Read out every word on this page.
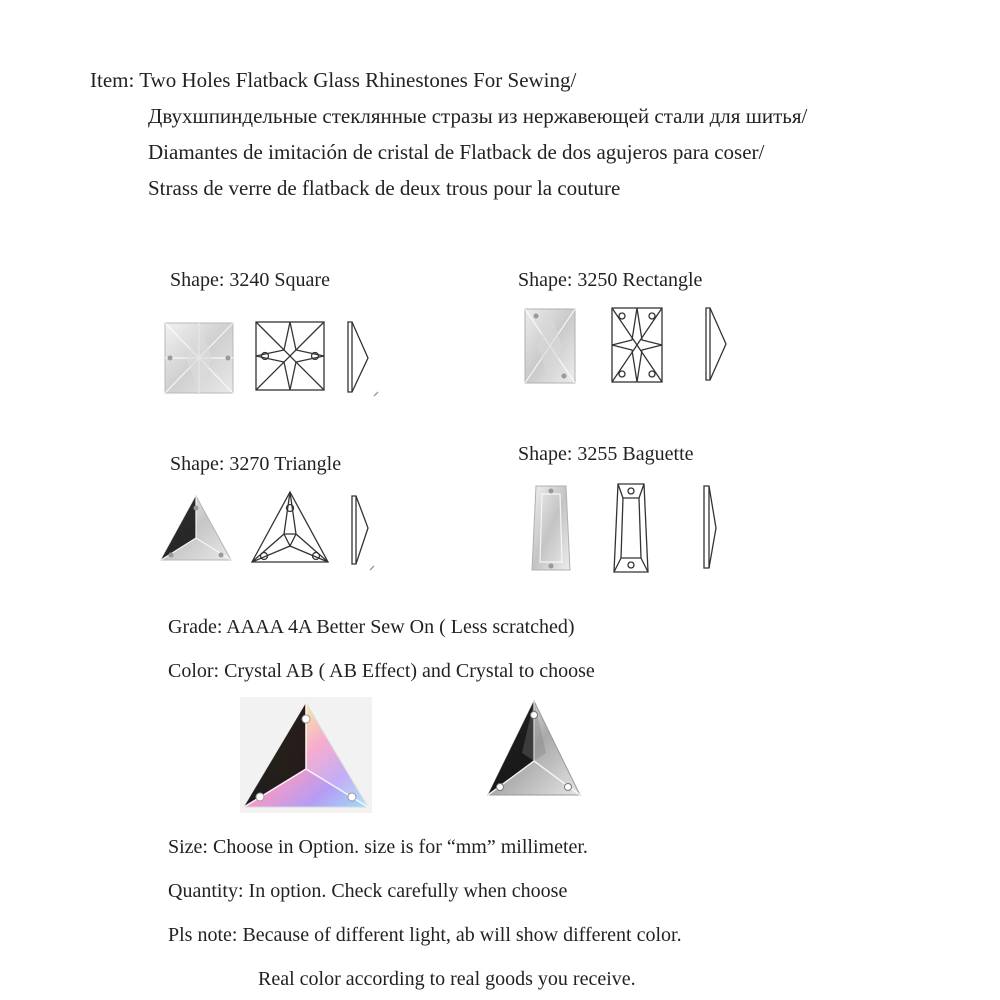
Item: Two Holes Flatback Glass Rhinestones For Sewing/
Двухшпиндельные стеклянные стразы из нержавеющей стали для шитья/
Diamantes de imitación de cristal de Flatback de dos agujeros para coser/
Strass de verre de flatback de deux trous pour la couture
Shape: 3240 Square	Shape: 3250 Rectangle
Shape: 3270 Triangle	Shape: 3255 Baguette
Grade: AAAA 4A Better Sew On ( Less scratched)
Color: Crystal AB ( AB Effect) and Crystal to choose
Size: Choose in Option. size is for “mm” millimeter.
Quantity: In option. Check carefully when choose
Pls note: Because of different light, ab will show different color.
Real color according to real goods you receive.
